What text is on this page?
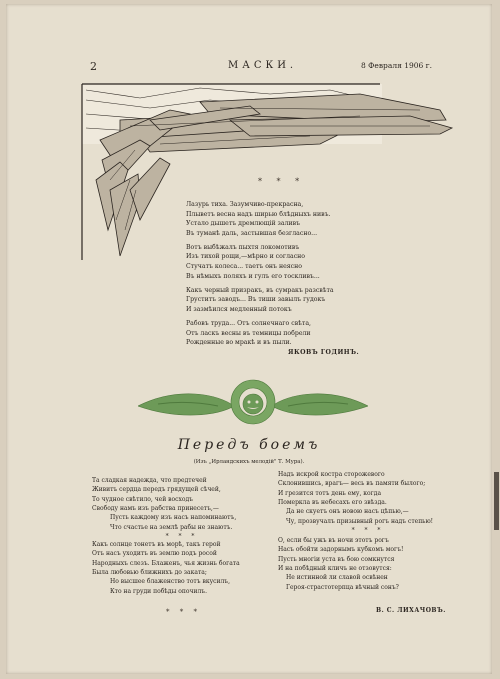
2	МАСКИ.	8 Февраля 1906 г.
* * *
Лазурь тиха. Зазумчиво-прекрасна,
Плыветъ весна надъ ширью блѣдныхъ нивъ.
Устало дышетъ дремлющій заливъ
Въ туманѣ даль, застывшая безгласно...
Вотъ выбѣжалъ пыхтя локомотивъ
Изъ тихой рощи,—мѣрно и согласно
Стучатъ колеса... таетъ онъ неясно
Въ нѣмыхъ поляхъ и гулъ его тоскливъ...
Какъ черный призракъ, въ сумракъ разсвѣта
Груститъ заводъ... Въ тиши завылъ гудокъ
И зазмѣился медленный потокъ
Рабовъ труда... Отъ солнечнаго свѣта,
Отъ ласкъ весны въ темницы побрели
Рожденные во мракѣ и въ пыли.
ЯКОВЪ ГОДИНЪ.
Передъ боемъ
(Изъ „Ирландскихъ мелодій" Т. Мура).
Та сладкая надежда, что предтечей
Живитъ сердца передъ грядущей сѣчей,
То чудное свѣтило, чей восходъ
Свободу намъ изъ рабства принесетъ,—
Пусть каждому изъ насъ напоминаютъ,
Что счастье на землѣ рабы не знаютъ.
* * *
Какъ солнце тонетъ въ морѣ, такъ герой
Отъ насъ уходитъ въ землю подъ росой
Народныхъ слезъ. Блаженъ, чья жизнь богата
Была любовью ближнихъ до заката;
Но высшее блаженство тотъ вкусилъ,
Кто на груди побѣды опочилъ.
Надъ искрой костра сторожевого
Склонившись, врагъ— весь въ памяти былого;
И грезится тотъ день ему, когда
Померкла въ небесахъ его звѣзда.
Да не скуетъ онъ новою насъ цѣпью,—
Чу, прозвучалъ призывный рогъ надъ степью!
* * *
О, если бы ужъ въ ночи этотъ рогъ
Насъ обойти задорнымъ кубкомъ могъ!
Пусть многіи уста въ бою сомкнутся
И на побѣдный кличъ не отзовутся:
Не истинной ли славой освѣнен
Героя-страстотерпца вѣчный сонъ?
В. С. ЛИХАЧОВЪ.
* * *
